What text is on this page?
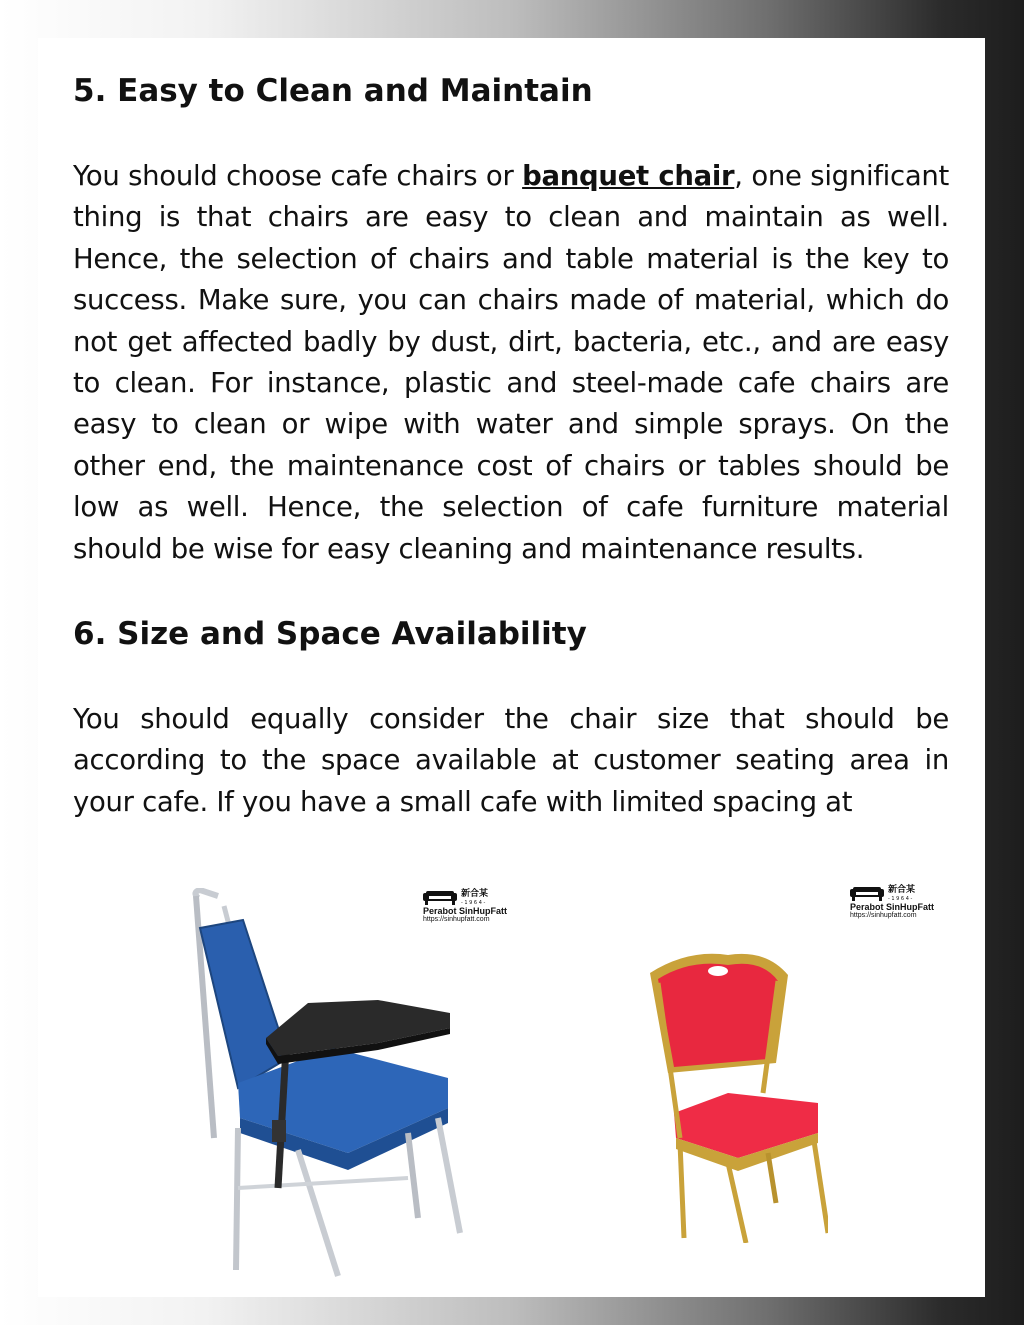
5. Easy to Clean and Maintain

You should choose cafe chairs or banquet chair, one significant thing is that chairs are easy to clean and maintain as well. Hence, the selection of chairs and table material is the key to success. Make sure, you can chairs made of material, which do not get affected badly by dust, dirt, bacteria, etc., and are easy to clean. For instance, plastic and steel-made cafe chairs are easy to clean or wipe with water and simple sprays. On the other end, the maintenance cost of chairs or tables should be low as well. Hence, the selection of cafe furniture material should be wise for easy cleaning and maintenance results.

6. Size and Space Availability

You should equally consider the chair size that should be according to the space available at customer seating area in your cafe. If you have a small cafe with limited spacing at

新合某
- 1 9 6 4 -
Perabot SinHupFatt
https://sinhupfatt.com
新合某
- 1 9 6 4 -
Perabot SinHupFatt
https://sinhupfatt.com
